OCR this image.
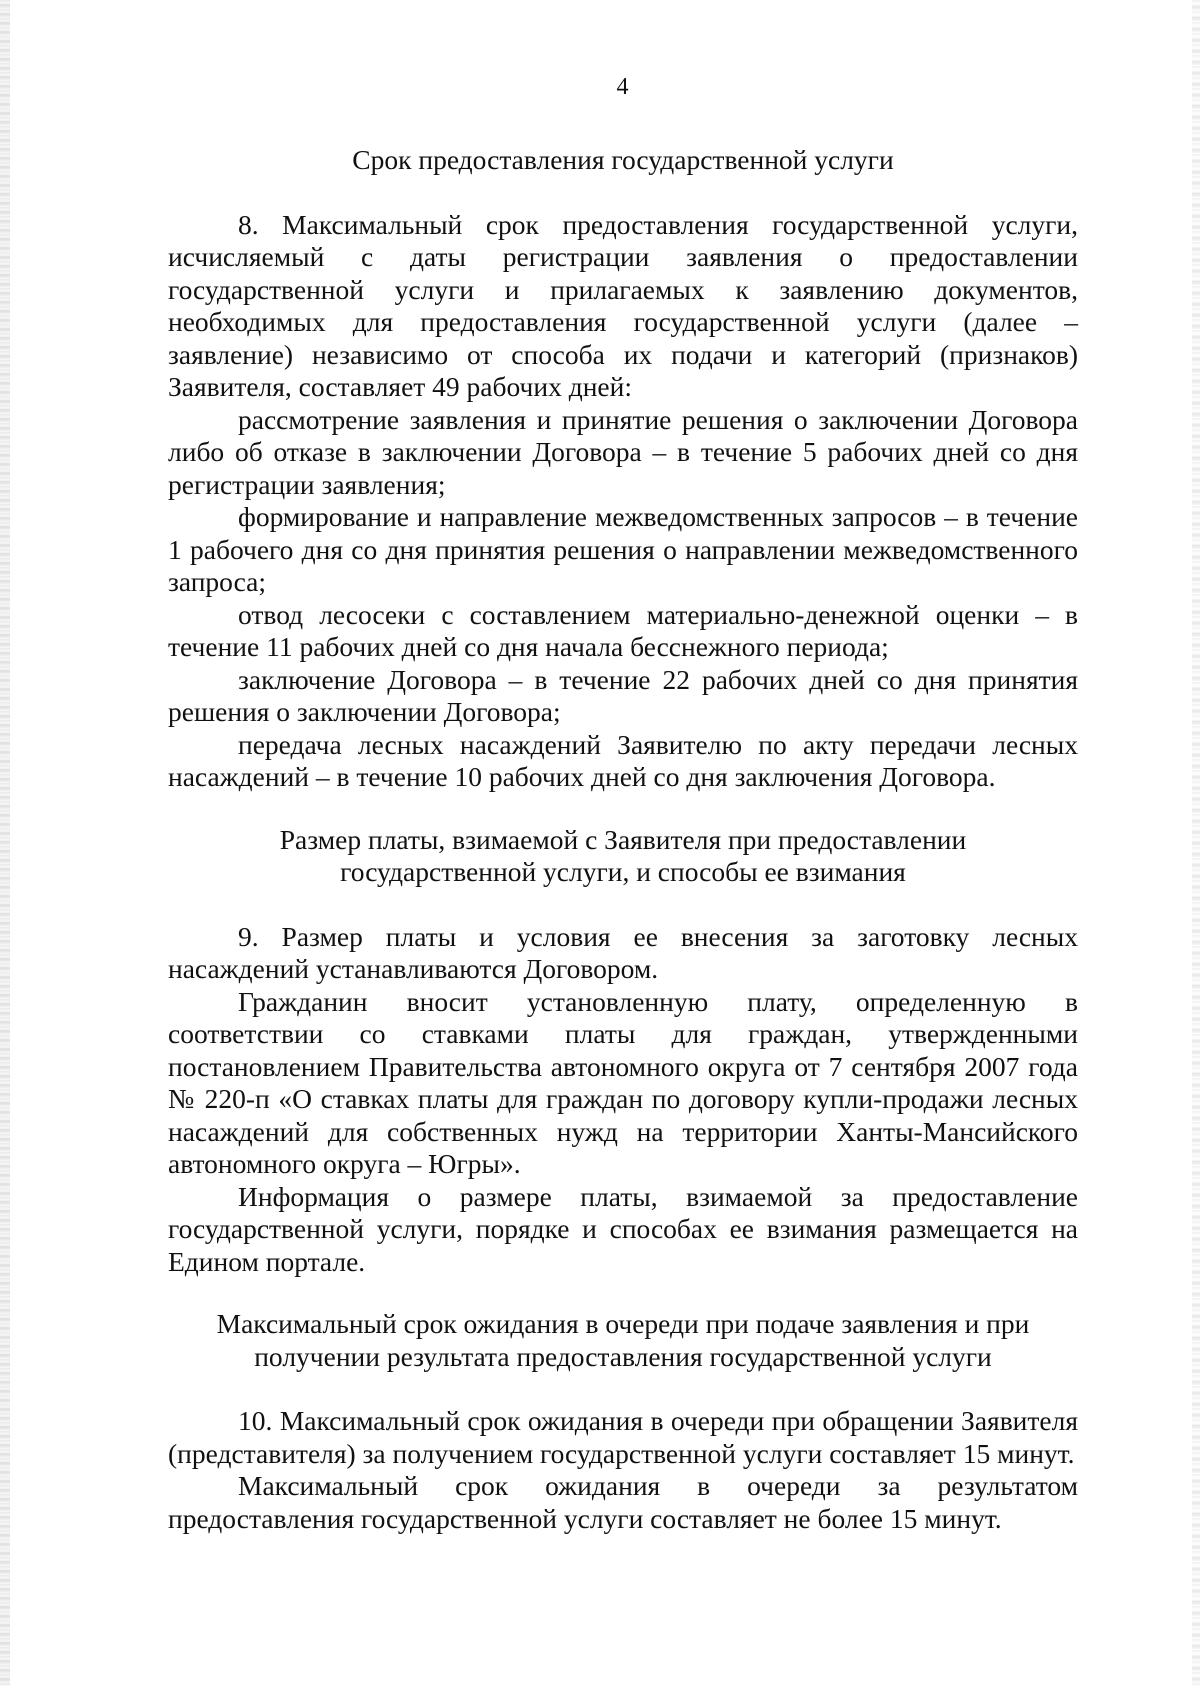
4
Срок предоставления государственной услуги

8. Максимальный срок предоставления государственной услуги, исчисляемый с даты регистрации заявления о предоставлении государственной услуги и прилагаемых к заявлению документов, необходимых для предоставления государственной услуги (далее – заявление) независимо от способа их подачи и категорий (признаков) Заявителя, составляет 49 рабочих дней:

рассмотрение заявления и принятие решения о заключении Договора либо об отказе в заключении Договора – в течение 5 рабочих дней со дня регистрации заявления;

формирование и направление межведомственных запросов – в течение 1 рабочего дня со дня принятия решения о направлении межведомственного запроса;

отвод лесосеки с составлением материально-денежной оценки – в течение 11 рабочих дней со дня начала бесснежного периода;

заключение Договора – в течение 22 рабочих дней со дня принятия решения о заключении Договора;

передача лесных насаждений Заявителю по акту передачи лесных насаждений – в течение 10 рабочих дней со дня заключения Договора.

Размер платы, взимаемой с Заявителя при предоставлении
государственной услуги, и способы ее взимания

9. Размер платы и условия ее внесения за заготовку лесных насаждений устанавливаются Договором.

Гражданин вносит установленную плату, определенную в соответствии со ставками платы для граждан, утвержденными постановлением Правительства автономного округа от 7 сентября 2007 года № 220-п «О ставках платы для граждан по договору купли-продажи лесных насаждений для собственных нужд на территории Ханты-Мансийского автономного округа – Югры».

Информация о размере платы, взимаемой за предоставление государственной услуги, порядке и способах ее взимания размещается на Едином портале.

Максимальный срок ожидания в очереди при подаче заявления и при
получении результата предоставления государственной услуги

10. Максимальный срок ожидания в очереди при обращении Заявителя (представителя) за получением государственной услуги составляет 15 минут.

Максимальный срок ожидания в очереди за результатом предоставления государственной услуги составляет не более 15 минут.
